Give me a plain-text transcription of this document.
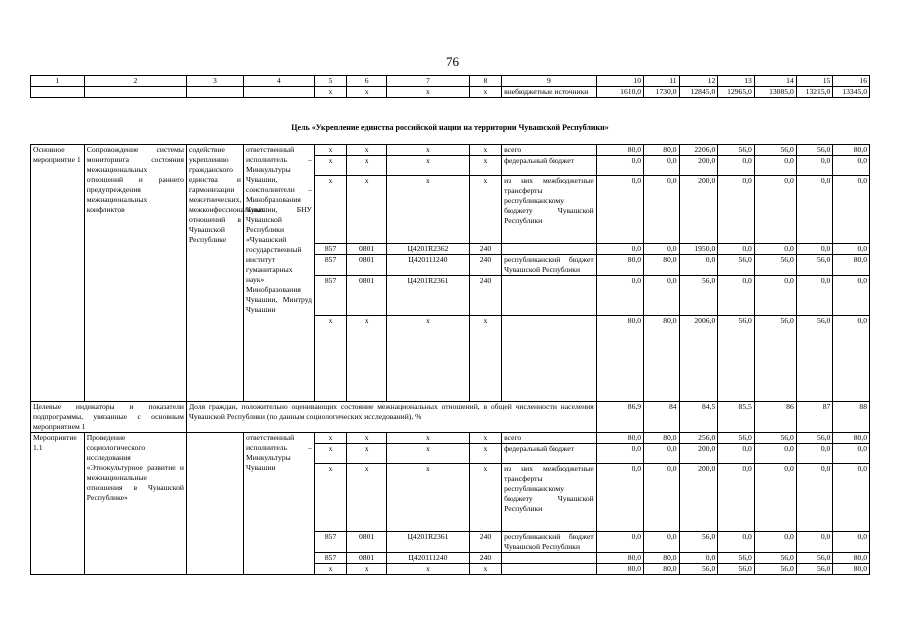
76
1	2	3	4	5	6	7	8	9	10	11	12	13	14	15	16
				x	x	x	x	внебюджетные источники	1610,0	1730,0	12845,0	12965,0	13085,0	13215,0	13345,0
Цель «Укрепление единства российской нации на территории Чувашской Республики»
Основное мероприятие 1	Сопровождение системы мониторинга состояния межнациональных отношений и раннего предупреждения межнациональных конфликтов	содействие укреплению гражданского единства и гармонизации межэтнических, межконфессиональных отношений в Чувашской Республике	ответственный исполнитель – Минкультуры Чувашии, соисполнители – Минобразования Чувашии, БНУ Чувашской Республики «Чувашский государственный институт гуманитарных наук» Минобразования Чувашии, Минтруд Чувашии	x	x	x	x	всего	80,0	80,0	2206,0	56,0	56,0	56,0	80,0
				x	x	x	x	федеральный бюджет	0,0	0,0	200,0	0,0	0,0	0,0	0,0
				x	x	x	x	из них межбюджетные трансферты республиканскому бюджету Чувашской Республики	0,0	0,0	200,0	0,0	0,0	0,0	0,0
				857	0801	Ц4201R2362	240		0,0	0,0	1950,0	0,0	0,0	0,0	0,0
				857	0801	Ц420111240	240	республиканский бюджет Чувашской Республики	80,0	80,0	0,0	56,0	56,0	56,0	80,0
				857	0801	Ц4201R2361	240		0,0	0,0	56,0	0,0	0,0	0,0	0,0
				x	x	x	x		80,0	80,0	2006,0	56,0	56,0	56,0	0,0
Целевые индикаторы и показатели подпрограммы, увязанные с основным мероприятием 1		Доля граждан, положительно оценивающих состояние межнациональных отношений, в общей численности населения Чувашской Республики (по данным социологических исследований), %							86,9	84	84,5	85,5	86	87	88
Мероприятие 1.1	Проведение социологического исследования «Этнокультурное развитие и межнациональные отношения в Чувашской Республике»		ответственный исполнитель – Минкультуры Чувашии	x	x	x	x	всего	80,0	80,0	256,0	56,0	56,0	56,0	80,0
				x	x	x	x	федеральный бюджет	0,0	0,0	200,0	0,0	0,0	0,0	0,0
				x	x	x	x	из них межбюджетные трансферты республиканскому бюджету Чувашской Республики	0,0	0,0	200,0	0,0	0,0	0,0	0,0
				857	0801	Ц4201R2361	240	республиканский бюджет Чувашской Республики	0,0	0,0	56,0	0,0	0,0	0,0	0,0
				857	0801	Ц420111240	240		80,0	80,0	0,0	56,0	56,0	56,0	80,0
				x	x	x	x		80,0	80,0	56,0	56,0	56,0	56,0	80,0
